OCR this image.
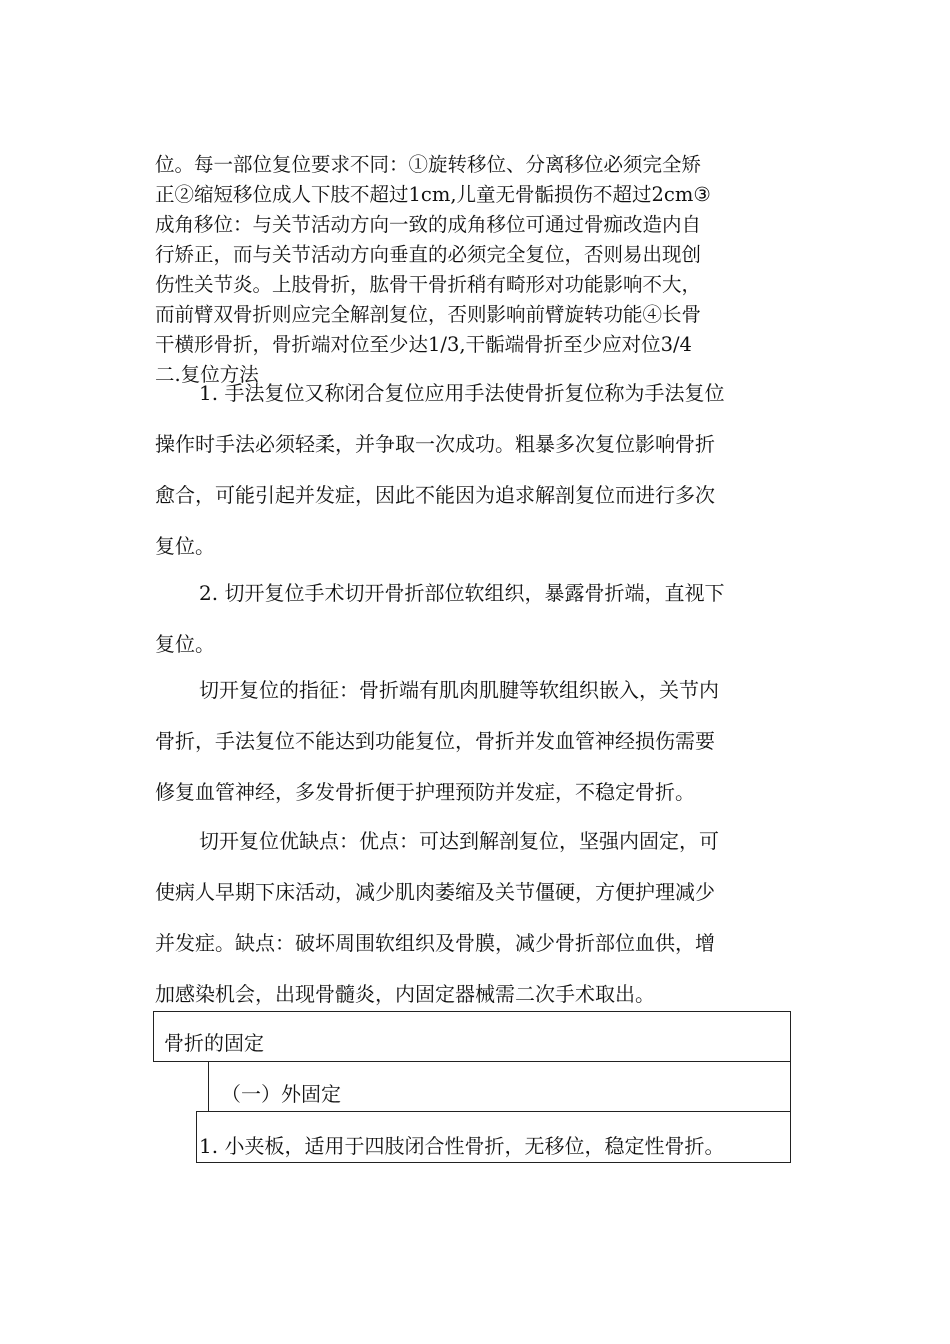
位。每一部位复位要求不同：①旋转移位、分离移位必须完全矫

正②缩短移位成人下肢不超过1cm,儿童无骨骺损伤不超过2cm③

成角移位：与关节活动方向一致的成角移位可通过骨痂改造内自

行矫正，而与关节活动方向垂直的必须完全复位，否则易出现创

伤性关节炎。上肢骨折，肱骨干骨折稍有畸形对功能影响不大，

而前臂双骨折则应完全解剖复位，否则影响前臂旋转功能④长骨

干横形骨折，骨折端对位至少达1/3,干骺端骨折至少应对位3/4

二.复位方法

1. 手法复位又称闭合复位应用手法使骨折复位称为手法复位

操作时手法必须轻柔，并争取一次成功。粗暴多次复位影响骨折

愈合，可能引起并发症，因此不能因为追求解剖复位而进行多次

复位。

2. 切开复位手术切开骨折部位软组织，暴露骨折端，直视下

复位。

切开复位的指征：骨折端有肌肉肌腱等软组织嵌入，关节内

骨折，手法复位不能达到功能复位，骨折并发血管神经损伤需要

修复血管神经，多发骨折便于护理预防并发症，不稳定骨折。

切开复位优缺点：优点：可达到解剖复位，坚强内固定，可

使病人早期下床活动，减少肌肉萎缩及关节僵硬，方便护理减少

并发症。缺点：破坏周围软组织及骨膜，减少骨折部位血供，增

加感染机会，出现骨髓炎，内固定器械需二次手术取出。

骨折的固定
（一）外固定
1. 小夹板，适用于四肢闭合性骨折，无移位，稳定性骨折。
